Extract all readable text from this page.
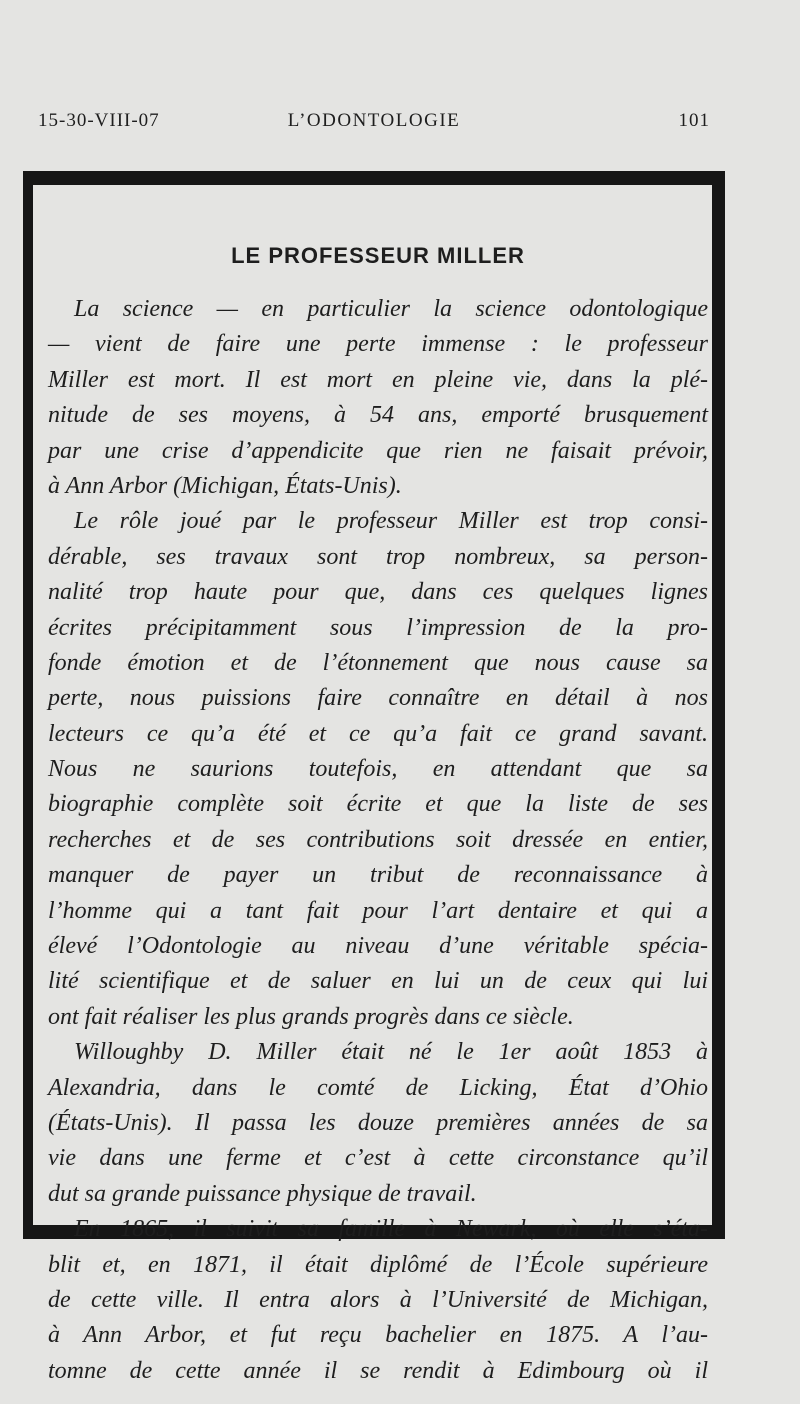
15-30-VIII-07	L’ODONTOLOGIE	101
LE PROFESSEUR MILLER
La science — en particulier la science odontologique
— vient de faire une perte immense : le professeur
Miller est mort. Il est mort en pleine vie, dans la plé-
nitude de ses moyens, à 54 ans, emporté brusquement
par une crise d’appendicite que rien ne faisait prévoir,
à Ann Arbor (Michigan, États-Unis).
Le rôle joué par le professeur Miller est trop consi-
dérable, ses travaux sont trop nombreux, sa person-
nalité trop haute pour que, dans ces quelques lignes
écrites précipitamment sous l’impression de la pro-
fonde émotion et de l’étonnement que nous cause sa
perte, nous puissions faire connaître en détail à nos
lecteurs ce qu’a été et ce qu’a fait ce grand savant.
Nous ne saurions toutefois, en attendant que sa
biographie complète soit écrite et que la liste de ses
recherches et de ses contributions soit dressée en entier,
manquer de payer un tribut de reconnaissance à
l’homme qui a tant fait pour l’art dentaire et qui a
élevé l’Odontologie au niveau d’une véritable spécia-
lité scientifique et de saluer en lui un de ceux qui lui
ont fait réaliser les plus grands progrès dans ce siècle.
Willoughby D. Miller était né le 1er août 1853 à
Alexandria, dans le comté de Licking, État d’Ohio
(États-Unis). Il passa les douze premières années de sa
vie dans une ferme et c’est à cette circonstance qu’il
dut sa grande puissance physique de travail.
En 1865, il suivit sa famille à Newark, où elle s’éta-
blit et, en 1871, il était diplômé de l’École supérieure
de cette ville. Il entra alors à l’Université de Michigan,
à Ann Arbor, et fut reçu bachelier en 1875. A l’au-
tomne de cette année il se rendit à Edimbourg où il
